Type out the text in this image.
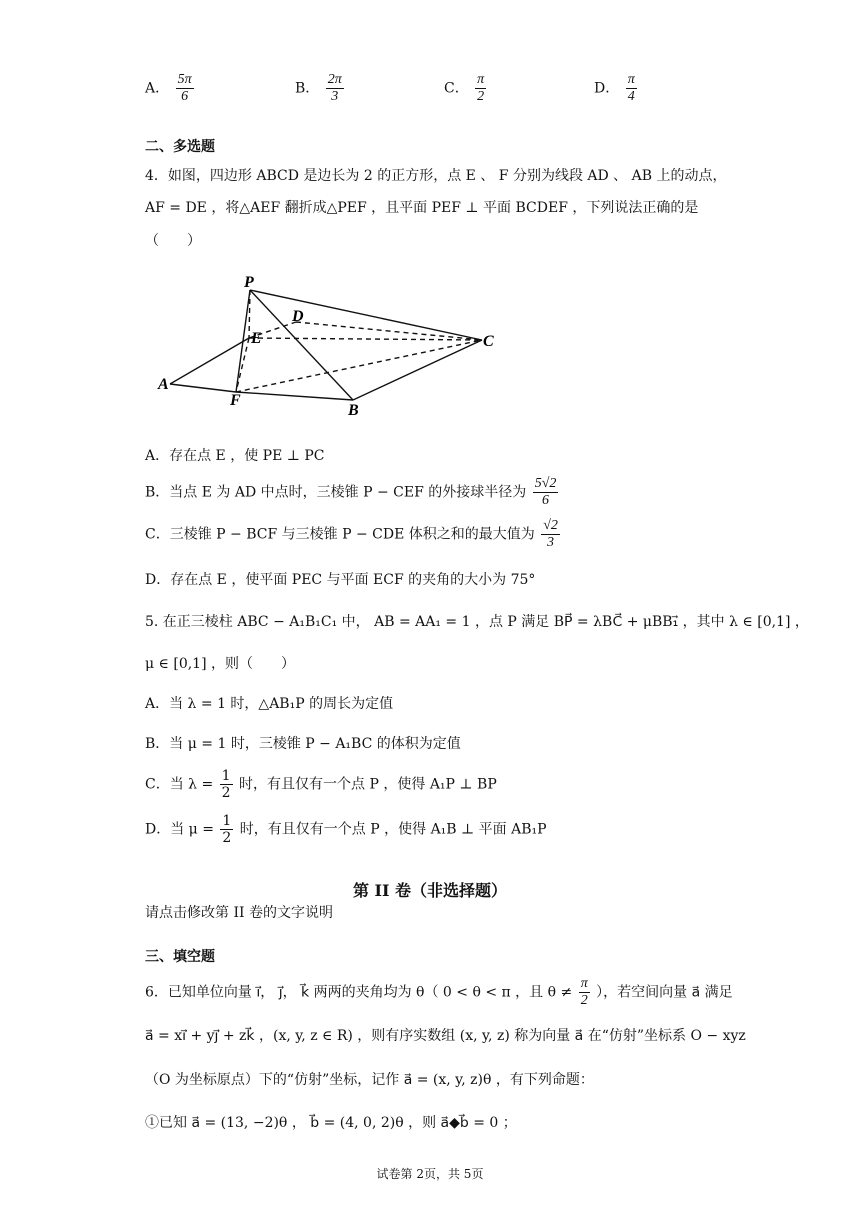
A． $\frac{5\pi}{6}$	B． $\frac{2\pi}{3}$	C． $\frac{\pi}{2}$	D． $\frac{\pi}{4}$
二、多选题
4．如图，四边形 ABCD 是边长为 2 的正方形，点 E 、 F 分别为线段 AD 、 AB 上的动点，
AF = DE ，将△AEF 翻折成△PEF ，且平面 PEF ⊥ 平面 BCDEF ，下列说法正确的是
（　　）
P
D
E	C
A
F
B
A．存在点 E ，使 PE ⊥ PC
B．当点 E 为 AD 中点时，三棱锥 P − CEF 的外接球半径为 $\frac{5√2}{6}$
C．三棱锥 P − BCF 与三棱锥 P − CDE 体积之和的最大值为 $\frac{√2}{3}$
D．存在点 E ，使平面 PEC 与平面 ECF 的夹角的大小为 75°
5. 在正三棱柱 ABC − A₁B₁C₁ 中， AB = AA₁ = 1 ，点 P 满足 BP⃗ = λBC⃗ + μBB₁⃗ ，其中 λ ∈ [0,1] ，
μ ∈ [0,1] ，则（　　）
A．当 λ = 1 时，△AB₁P 的周长为定值
B．当 μ = 1 时，三棱锥 P − A₁BC 的体积为定值
C．当 $\lambda = \frac{1}{2}$ 时，有且仅有一个点 P ，使得 A₁P ⊥ BP
D．当 $\mu = \frac{1}{2}$ 时，有且仅有一个点 P ，使得 A₁B ⊥ 平面 AB₁P
第 II 卷（非选择题）
请点击修改第 II 卷的文字说明
三、填空题
6．已知单位向量 i⃗， j⃗， k⃗ 两两的夹角均为 θ（ 0 < θ < π ，且 $\theta \ne \frac{\pi}{2}$ ），若空间向量 a⃗ 满足
a⃗ = xi⃗ + yj⃗ + zk⃗ ，(x, y, z ∈ R) ，则有序实数组 (x, y, z) 称为向量 a⃗ 在“仿射”坐标系 O − xyz
（O 为坐标原点）下的“仿射”坐标，记作 a⃗ = (x, y, z)θ ，有下列命题：
①已知 a⃗ = (13, −2)θ ， b⃗ = (4, 0, 2)θ ，则 a⃗◆b⃗ = 0 ；
试卷第 2页，共 5页
